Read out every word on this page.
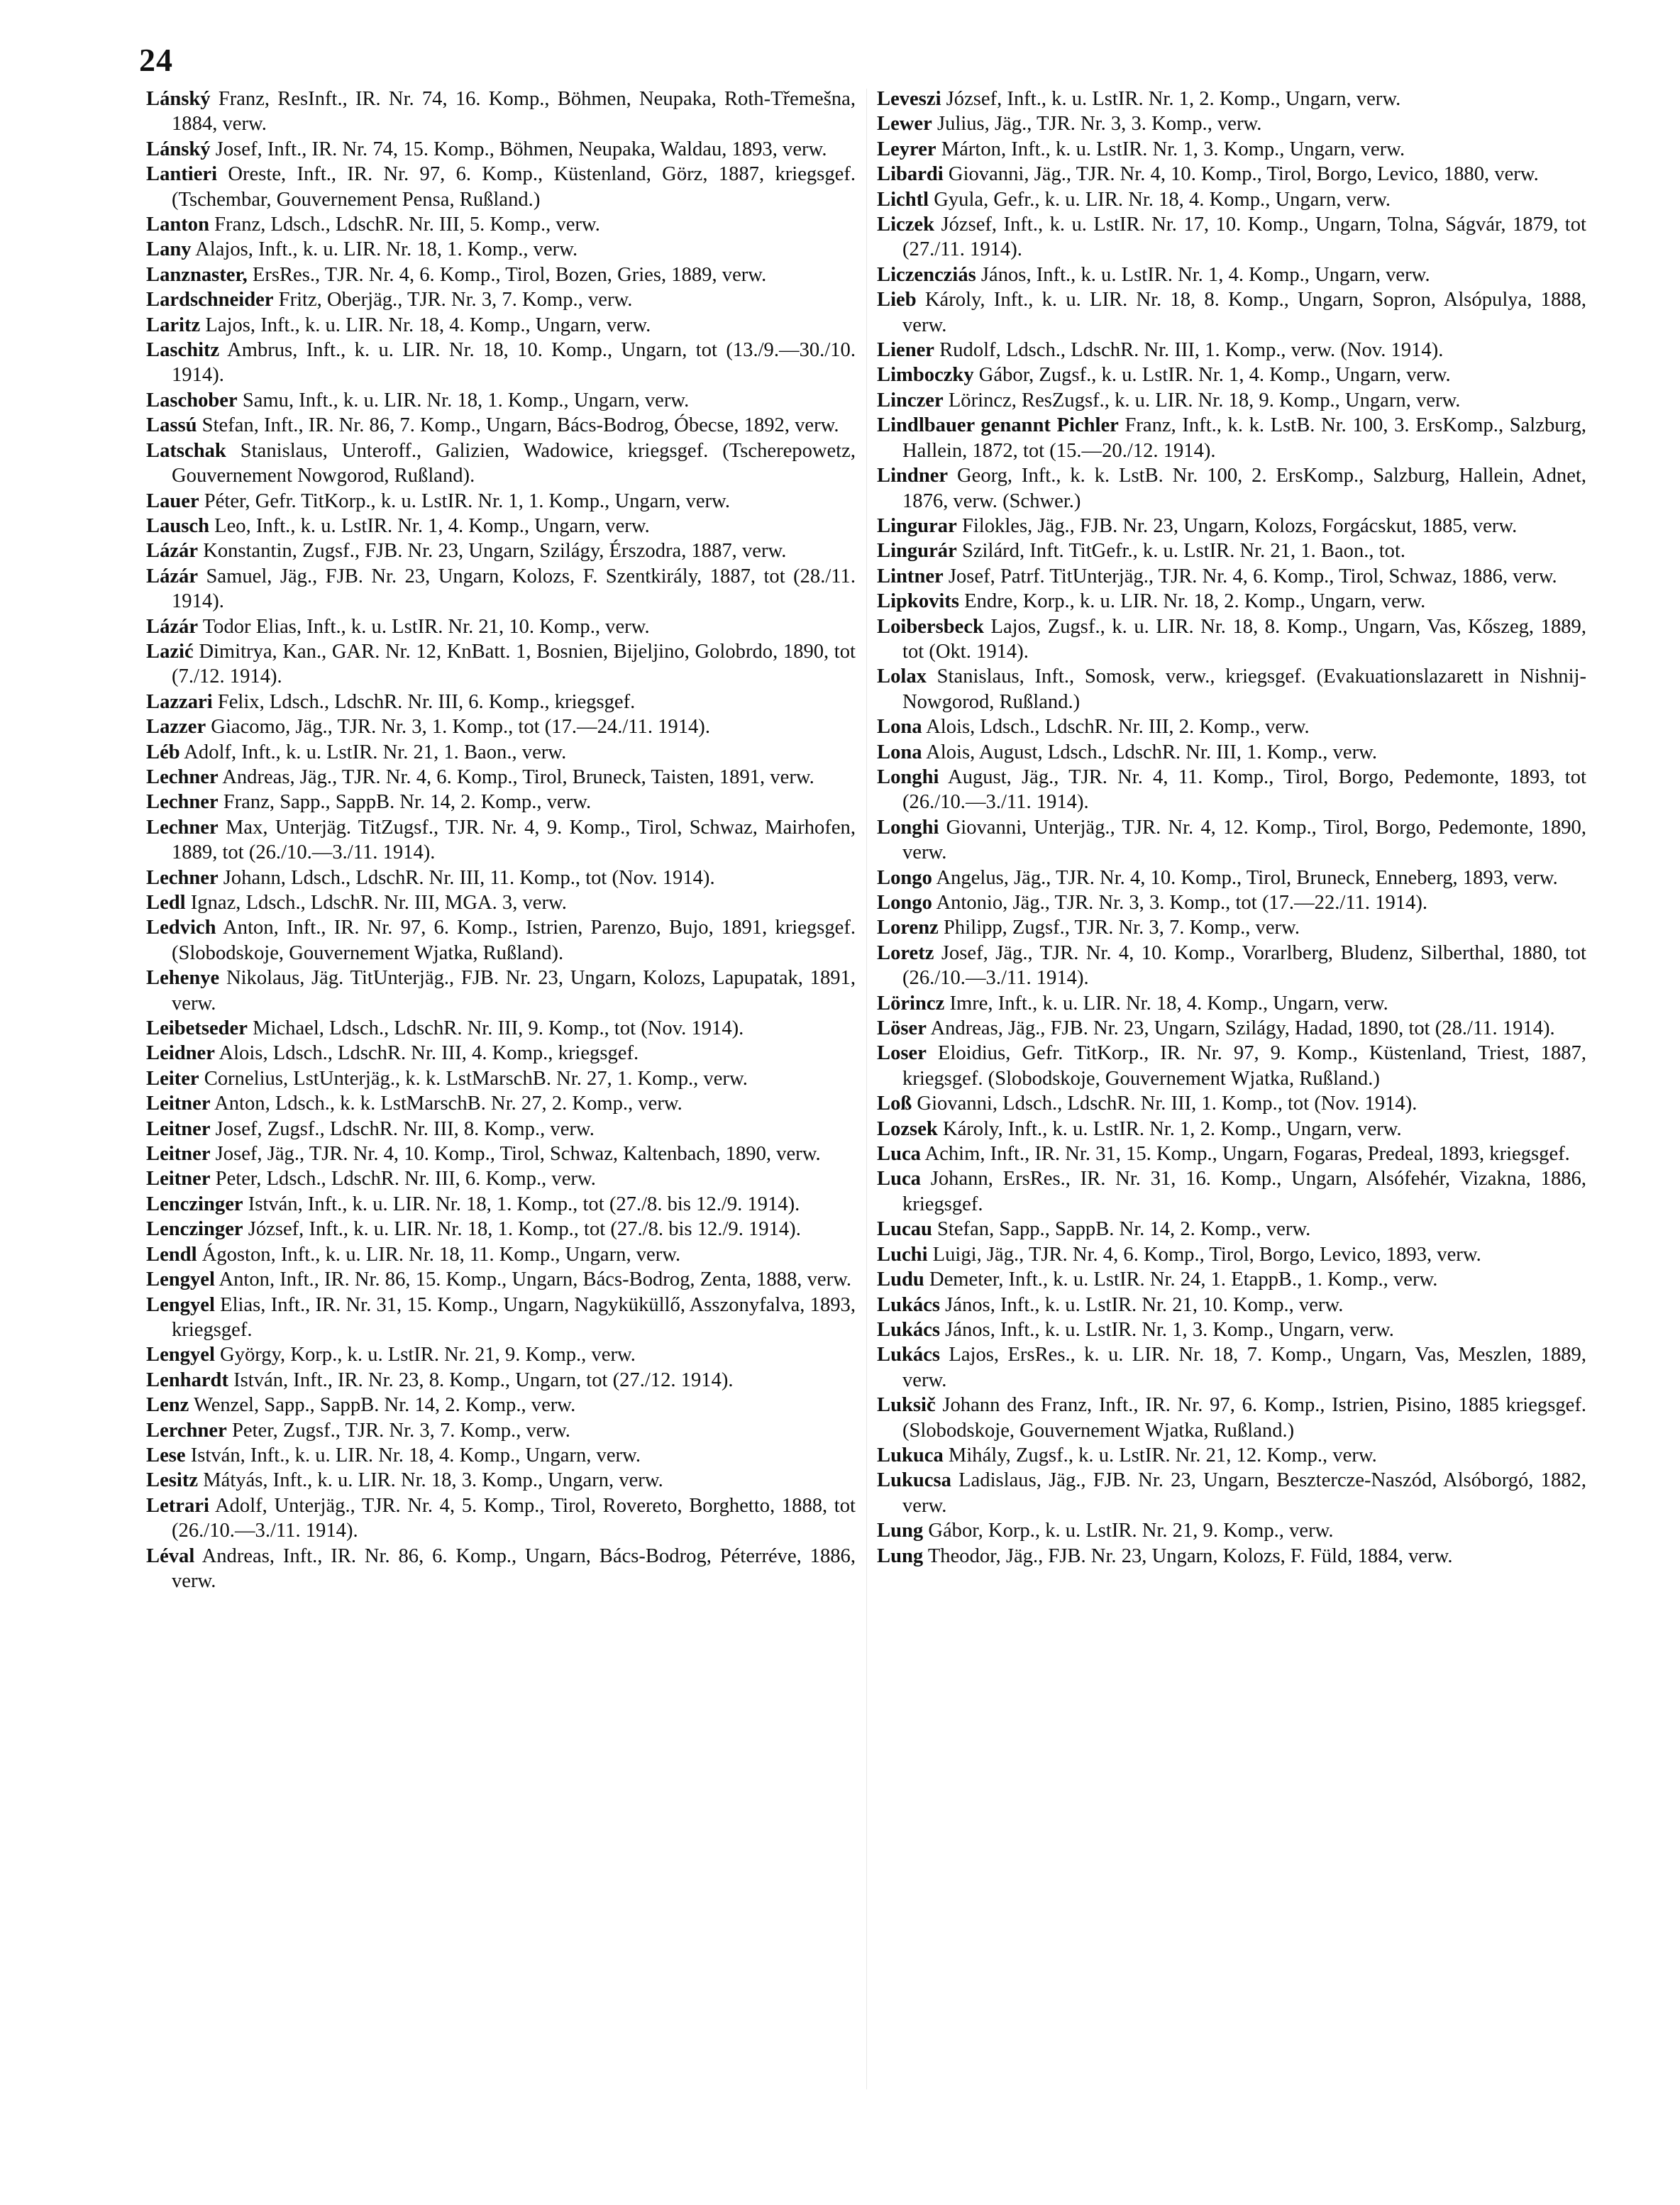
24

Lánský Franz, ResInft., IR. Nr. 74, 16. Komp., Böhmen, Neupaka, Roth-Třemešna, 1884, verw.

Lánský Josef, Inft., IR. Nr. 74, 15. Komp., Böhmen, Neupaka, Waldau, 1893, verw.

Lantieri Oreste, Inft., IR. Nr. 97, 6. Komp., Küstenland, Görz, 1887, kriegsgef. (Tschembar, Gouvernement Pensa, Rußland.)

Lanton Franz, Ldsch., LdschR. Nr. III, 5. Komp., verw.

Lany Alajos, Inft., k. u. LIR. Nr. 18, 1. Komp., verw.

Lanznaster, ErsRes., TJR. Nr. 4, 6. Komp., Tirol, Bozen, Gries, 1889, verw.

Lardschneider Fritz, Oberjäg., TJR. Nr. 3, 7. Komp., verw.

Laritz Lajos, Inft., k. u. LIR. Nr. 18, 4. Komp., Ungarn, verw.

Laschitz Ambrus, Inft., k. u. LIR. Nr. 18, 10. Komp., Ungarn, tot (13./9.—30./10. 1914).

Laschober Samu, Inft., k. u. LIR. Nr. 18, 1. Komp., Ungarn, verw.

Lassú Stefan, Inft., IR. Nr. 86, 7. Komp., Ungarn, Bács-Bodrog, Óbecse, 1892, verw.

Latschak Stanislaus, Unteroff., Galizien, Wadowice, kriegsgef. (Tscherepowetz, Gouvernement Nowgorod, Rußland).

Lauer Péter, Gefr. TitKorp., k. u. LstIR. Nr. 1, 1. Komp., Ungarn, verw.

Lausch Leo, Inft., k. u. LstIR. Nr. 1, 4. Komp., Ungarn, verw.

Lázár Konstantin, Zugsf., FJB. Nr. 23, Ungarn, Szilágy, Érszodra, 1887, verw.

Lázár Samuel, Jäg., FJB. Nr. 23, Ungarn, Kolozs, F. Szentkirály, 1887, tot (28./11. 1914).

Lázár Todor Elias, Inft., k. u. LstIR. Nr. 21, 10. Komp., verw.

Lazić Dimitrya, Kan., GAR. Nr. 12, KnBatt. 1, Bosnien, Bijeljino, Golobrdo, 1890, tot (7./12. 1914).

Lazzari Felix, Ldsch., LdschR. Nr. III, 6. Komp., kriegsgef.

Lazzer Giacomo, Jäg., TJR. Nr. 3, 1. Komp., tot (17.—24./11. 1914).

Léb Adolf, Inft., k. u. LstIR. Nr. 21, 1. Baon., verw.

Lechner Andreas, Jäg., TJR. Nr. 4, 6. Komp., Tirol, Bruneck, Taisten, 1891, verw.

Lechner Franz, Sapp., SappB. Nr. 14, 2. Komp., verw.

Lechner Max, Unterjäg. TitZugsf., TJR. Nr. 4, 9. Komp., Tirol, Schwaz, Mairhofen, 1889, tot (26./10.—3./11. 1914).

Lechner Johann, Ldsch., LdschR. Nr. III, 11. Komp., tot (Nov. 1914).

Ledl Ignaz, Ldsch., LdschR. Nr. III, MGA. 3, verw.

Ledvich Anton, Inft., IR. Nr. 97, 6. Komp., Istrien, Parenzo, Bujo, 1891, kriegsgef. (Slobodskoje, Gouvernement Wjatka, Rußland).

Lehenye Nikolaus, Jäg. TitUnterjäg., FJB. Nr. 23, Ungarn, Kolozs, Lapupatak, 1891, verw.

Leibetseder Michael, Ldsch., LdschR. Nr. III, 9. Komp., tot (Nov. 1914).

Leidner Alois, Ldsch., LdschR. Nr. III, 4. Komp., kriegsgef.

Leiter Cornelius, LstUnterjäg., k. k. LstMarschB. Nr. 27, 1. Komp., verw.

Leitner Anton, Ldsch., k. k. LstMarschB. Nr. 27, 2. Komp., verw.

Leitner Josef, Zugsf., LdschR. Nr. III, 8. Komp., verw.

Leitner Josef, Jäg., TJR. Nr. 4, 10. Komp., Tirol, Schwaz, Kaltenbach, 1890, verw.

Leitner Peter, Ldsch., LdschR. Nr. III, 6. Komp., verw.

Lenczinger István, Inft., k. u. LIR. Nr. 18, 1. Komp., tot (27./8. bis 12./9. 1914).

Lenczinger József, Inft., k. u. LIR. Nr. 18, 1. Komp., tot (27./8. bis 12./9. 1914).

Lendl Ágoston, Inft., k. u. LIR. Nr. 18, 11. Komp., Ungarn, verw.

Lengyel Anton, Inft., IR. Nr. 86, 15. Komp., Ungarn, Bács-Bodrog, Zenta, 1888, verw.

Lengyel Elias, Inft., IR. Nr. 31, 15. Komp., Ungarn, Nagyküküllő, Asszonyfalva, 1893, kriegsgef.

Lengyel György, Korp., k. u. LstIR. Nr. 21, 9. Komp., verw.

Lenhardt István, Inft., IR. Nr. 23, 8. Komp., Ungarn, tot (27./12. 1914).

Lenz Wenzel, Sapp., SappB. Nr. 14, 2. Komp., verw.

Lerchner Peter, Zugsf., TJR. Nr. 3, 7. Komp., verw.

Lese István, Inft., k. u. LIR. Nr. 18, 4. Komp., Ungarn, verw.

Lesitz Mátyás, Inft., k. u. LIR. Nr. 18, 3. Komp., Ungarn, verw.

Letrari Adolf, Unterjäg., TJR. Nr. 4, 5. Komp., Tirol, Rovereto, Borghetto, 1888, tot (26./10.—3./11. 1914).

Léval Andreas, Inft., IR. Nr. 86, 6. Komp., Ungarn, Bács-Bodrog, Péterréve, 1886, verw.

Leveszi József, Inft., k. u. LstIR. Nr. 1, 2. Komp., Ungarn, verw.

Lewer Julius, Jäg., TJR. Nr. 3, 3. Komp., verw.

Leyrer Márton, Inft., k. u. LstIR. Nr. 1, 3. Komp., Ungarn, verw.

Libardi Giovanni, Jäg., TJR. Nr. 4, 10. Komp., Tirol, Borgo, Levico, 1880, verw.

Lichtl Gyula, Gefr., k. u. LIR. Nr. 18, 4. Komp., Ungarn, verw.

Liczek József, Inft., k. u. LstIR. Nr. 17, 10. Komp., Ungarn, Tolna, Ságvár, 1879, tot (27./11. 1914).

Liczencziás János, Inft., k. u. LstIR. Nr. 1, 4. Komp., Ungarn, verw.

Lieb Károly, Inft., k. u. LIR. Nr. 18, 8. Komp., Ungarn, Sopron, Alsópulya, 1888, verw.

Liener Rudolf, Ldsch., LdschR. Nr. III, 1. Komp., verw. (Nov. 1914).

Limboczky Gábor, Zugsf., k. u. LstIR. Nr. 1, 4. Komp., Ungarn, verw.

Linczer Lörincz, ResZugsf., k. u. LIR. Nr. 18, 9. Komp., Ungarn, verw.

Lindlbauer genannt Pichler Franz, Inft., k. k. LstB. Nr. 100, 3. ErsKomp., Salzburg, Hallein, 1872, tot (15.—20./12. 1914).

Lindner Georg, Inft., k. k. LstB. Nr. 100, 2. ErsKomp., Salzburg, Hallein, Adnet, 1876, verw. (Schwer.)

Lingurar Filokles, Jäg., FJB. Nr. 23, Ungarn, Kolozs, Forgácskut, 1885, verw.

Lingurár Szilárd, Inft. TitGefr., k. u. LstIR. Nr. 21, 1. Baon., tot.

Lintner Josef, Patrf. TitUnterjäg., TJR. Nr. 4, 6. Komp., Tirol, Schwaz, 1886, verw.

Lipkovits Endre, Korp., k. u. LIR. Nr. 18, 2. Komp., Ungarn, verw.

Loibersbeck Lajos, Zugsf., k. u. LIR. Nr. 18, 8. Komp., Ungarn, Vas, Kőszeg, 1889, tot (Okt. 1914).

Lolax Stanislaus, Inft., Somosk, verw., kriegsgef. (Evakuationslazarett in Nishnij-Nowgorod, Rußland.)

Lona Alois, Ldsch., LdschR. Nr. III, 2. Komp., verw.

Lona Alois, August, Ldsch., LdschR. Nr. III, 1. Komp., verw.

Longhi August, Jäg., TJR. Nr. 4, 11. Komp., Tirol, Borgo, Pedemonte, 1893, tot (26./10.—3./11. 1914).

Longhi Giovanni, Unterjäg., TJR. Nr. 4, 12. Komp., Tirol, Borgo, Pedemonte, 1890, verw.

Longo Angelus, Jäg., TJR. Nr. 4, 10. Komp., Tirol, Bruneck, Enneberg, 1893, verw.

Longo Antonio, Jäg., TJR. Nr. 3, 3. Komp., tot (17.—22./11. 1914).

Lorenz Philipp, Zugsf., TJR. Nr. 3, 7. Komp., verw.

Loretz Josef, Jäg., TJR. Nr. 4, 10. Komp., Vorarlberg, Bludenz, Silberthal, 1880, tot (26./10.—3./11. 1914).

Lörincz Imre, Inft., k. u. LIR. Nr. 18, 4. Komp., Ungarn, verw.

Löser Andreas, Jäg., FJB. Nr. 23, Ungarn, Szilágy, Hadad, 1890, tot (28./11. 1914).

Loser Eloidius, Gefr. TitKorp., IR. Nr. 97, 9. Komp., Küstenland, Triest, 1887, kriegsgef. (Slobodskoje, Gouvernement Wjatka, Rußland.)

Loß Giovanni, Ldsch., LdschR. Nr. III, 1. Komp., tot (Nov. 1914).

Lozsek Károly, Inft., k. u. LstIR. Nr. 1, 2. Komp., Ungarn, verw.

Luca Achim, Inft., IR. Nr. 31, 15. Komp., Ungarn, Fogaras, Predeal, 1893, kriegsgef.

Luca Johann, ErsRes., IR. Nr. 31, 16. Komp., Ungarn, Alsófehér, Vizakna, 1886, kriegsgef.

Lucau Stefan, Sapp., SappB. Nr. 14, 2. Komp., verw.

Luchi Luigi, Jäg., TJR. Nr. 4, 6. Komp., Tirol, Borgo, Levico, 1893, verw.

Ludu Demeter, Inft., k. u. LstIR. Nr. 24, 1. EtappB., 1. Komp., verw.

Lukács János, Inft., k. u. LstIR. Nr. 21, 10. Komp., verw.

Lukács János, Inft., k. u. LstIR. Nr. 1, 3. Komp., Ungarn, verw.

Lukács Lajos, ErsRes., k. u. LIR. Nr. 18, 7. Komp., Ungarn, Vas, Meszlen, 1889, verw.

Luksič Johann des Franz, Inft., IR. Nr. 97, 6. Komp., Istrien, Pisino, 1885 kriegsgef. (Slobodskoje, Gouvernement Wjatka, Rußland.)

Lukuca Mihály, Zugsf., k. u. LstIR. Nr. 21, 12. Komp., verw.

Lukucsa Ladislaus, Jäg., FJB. Nr. 23, Ungarn, Besztercze-Naszód, Alsóborgó, 1882, verw.

Lung Gábor, Korp., k. u. LstIR. Nr. 21, 9. Komp., verw.

Lung Theodor, Jäg., FJB. Nr. 23, Ungarn, Kolozs, F. Füld, 1884, verw.
